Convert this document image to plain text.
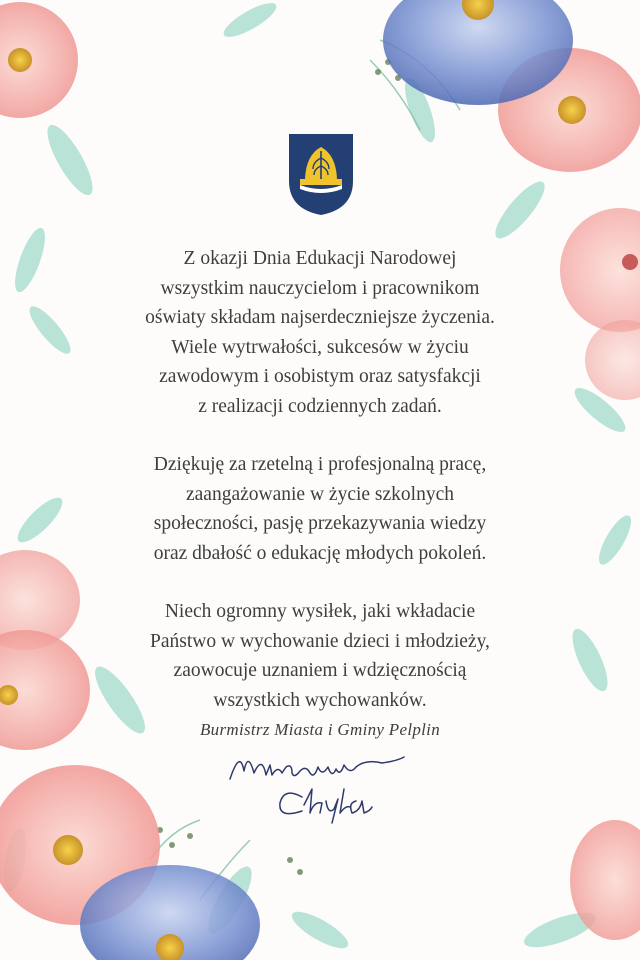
Z okazji Dnia Edukacji Narodowej
wszystkim nauczycielom i pracownikom
oświaty składam najserdeczniejsze życzenia.
Wiele wytrwałości, sukcesów w życiu
zawodowym i osobistym oraz satysfakcji
z realizacji codziennych zadań.

Dziękuję za rzetelną i profesjonalną pracę,
zaangażowanie w życie szkolnych
społeczności, pasję przekazywania wiedzy
oraz dbałość o edukację młodych pokoleń.

Niech ogromny wysiłek, jaki wkładacie
Państwo w wychowanie dzieci i młodzieży,
zaowocuje uznaniem i wdzięcznością
wszystkich wychowanków.

Burmistrz Miasta i Gminy Pelplin
